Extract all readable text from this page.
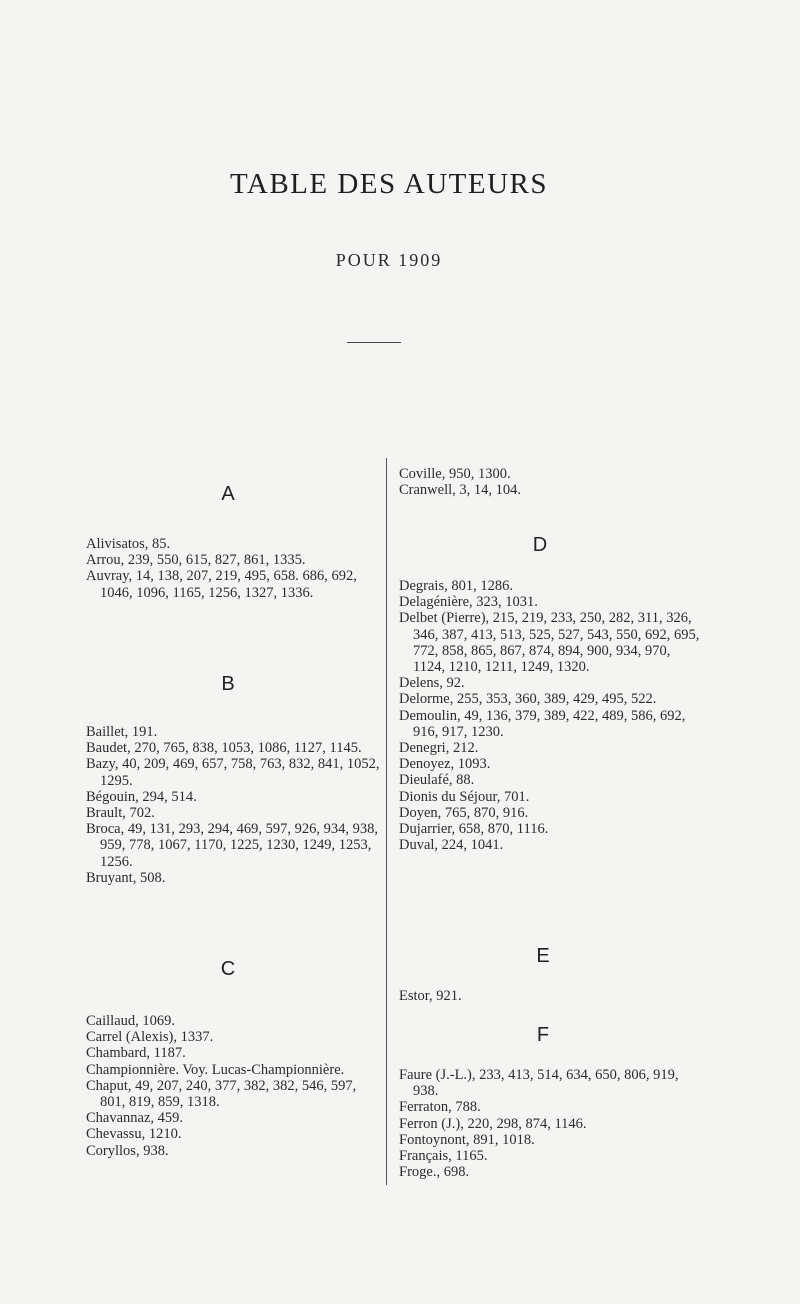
TABLE DES AUTEURS
POUR 1909
A

Alivisatos, 85.

Arrou, 239, 550, 615, 827, 861, 1335.

Auvray, 14, 138, 207, 219, 495, 658. 686, 692, 1046, 1096, 1165, 1256, 1327, 1336.

B

Baillet, 191.

Baudet, 270, 765, 838, 1053, 1086, 1127, 1145.

Bazy, 40, 209, 469, 657, 758, 763, 832, 841, 1052, 1295.

Bégouin, 294, 514.

Brault, 702.

Broca, 49, 131, 293, 294, 469, 597, 926, 934, 938, 959, 778, 1067, 1170, 1225, 1230, 1249, 1253, 1256.

Bruyant, 508.

C

Caillaud, 1069.

Carrel (Alexis), 1337.

Chambard, 1187.

Championnière. Voy. Lucas-Championnière.

Chaput, 49, 207, 240, 377, 382, 382, 546, 597, 801, 819, 859, 1318.

Chavannaz, 459.

Chevassu, 1210.

Coryllos, 938.

Coville, 950, 1300.

Cranwell, 3, 14, 104.

D

Degrais, 801, 1286.

Delagénière, 323, 1031.

Delbet (Pierre), 215, 219, 233, 250, 282, 311, 326, 346, 387, 413, 513, 525, 527, 543, 550, 692, 695, 772, 858, 865, 867, 874, 894, 900, 934, 970, 1124, 1210, 1211, 1249, 1320.

Delens, 92.

Delorme, 255, 353, 360, 389, 429, 495, 522.

Demoulin, 49, 136, 379, 389, 422, 489, 586, 692, 916, 917, 1230.

Denegri, 212.

Denoyez, 1093.

Dieulafé, 88.

Dionis du Séjour, 701.

Doyen, 765, 870, 916.

Dujarrier, 658, 870, 1116.

Duval, 224, 1041.

E

Estor, 921.

F

Faure (J.-L.), 233, 413, 514, 634, 650, 806, 919, 938.

Ferraton, 788.

Ferron (J.), 220, 298, 874, 1146.

Fontoynont, 891, 1018.

Français, 1165.

Froge., 698.
